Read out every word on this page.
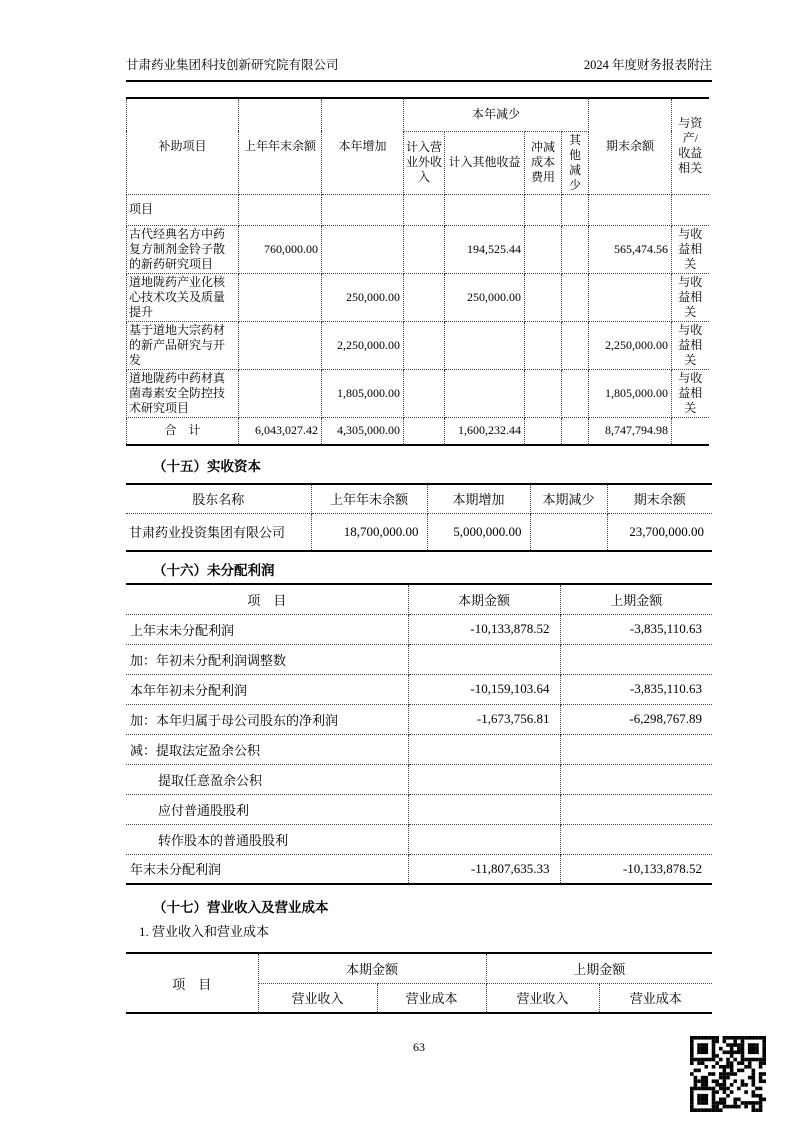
甘肃药业集团科技创新研究院有限公司	2024 年度财务报表附注
补助项目	上年年末余额	本年增加	本年减少				期末余额	与资产/收益相关
			计入营业外收入	计入其他收益	冲减成本费用	其他减少		
项目								
古代经典名方中药复方制剂金铃子散的新药研究项目	760,000.00			194,525.44			565,474.56	与收益相关
道地陇药产业化核心技术攻关及质量提升		250,000.00		250,000.00				与收益相关
基于道地大宗药材的新产品研究与开发		2,250,000.00					2,250,000.00	与收益相关
道地陇药中药材真菌毒素安全防控技术研究项目		1,805,000.00					1,805,000.00	与收益相关
合　计	6,043,027.42	4,305,000.00		1,600,232.44			8,747,794.98	
（十五）实收资本
股东名称	上年年末余额	本期增加	本期减少	期末余额
甘肃药业投资集团有限公司	18,700,000.00	5,000,000.00		23,700,000.00
（十六）未分配利润
项　目	本期金额	上期金额
上年末未分配利润	-10,133,878.52	-3,835,110.63
加：年初未分配利润调整数		
本年年初未分配利润	-10,159,103.64	-3,835,110.63
加：本年归属于母公司股东的净利润	-1,673,756.81	-6,298,767.89
减：提取法定盈余公积		
提取任意盈余公积		
应付普通股股利		
转作股本的普通股股利		
年末未分配利润	-11,807,635.33	-10,133,878.52
（十七）营业收入及营业成本
1. 营业收入和营业成本
项　目	本期金额		上期金额	
	营业收入	营业成本	营业收入	营业成本
63
